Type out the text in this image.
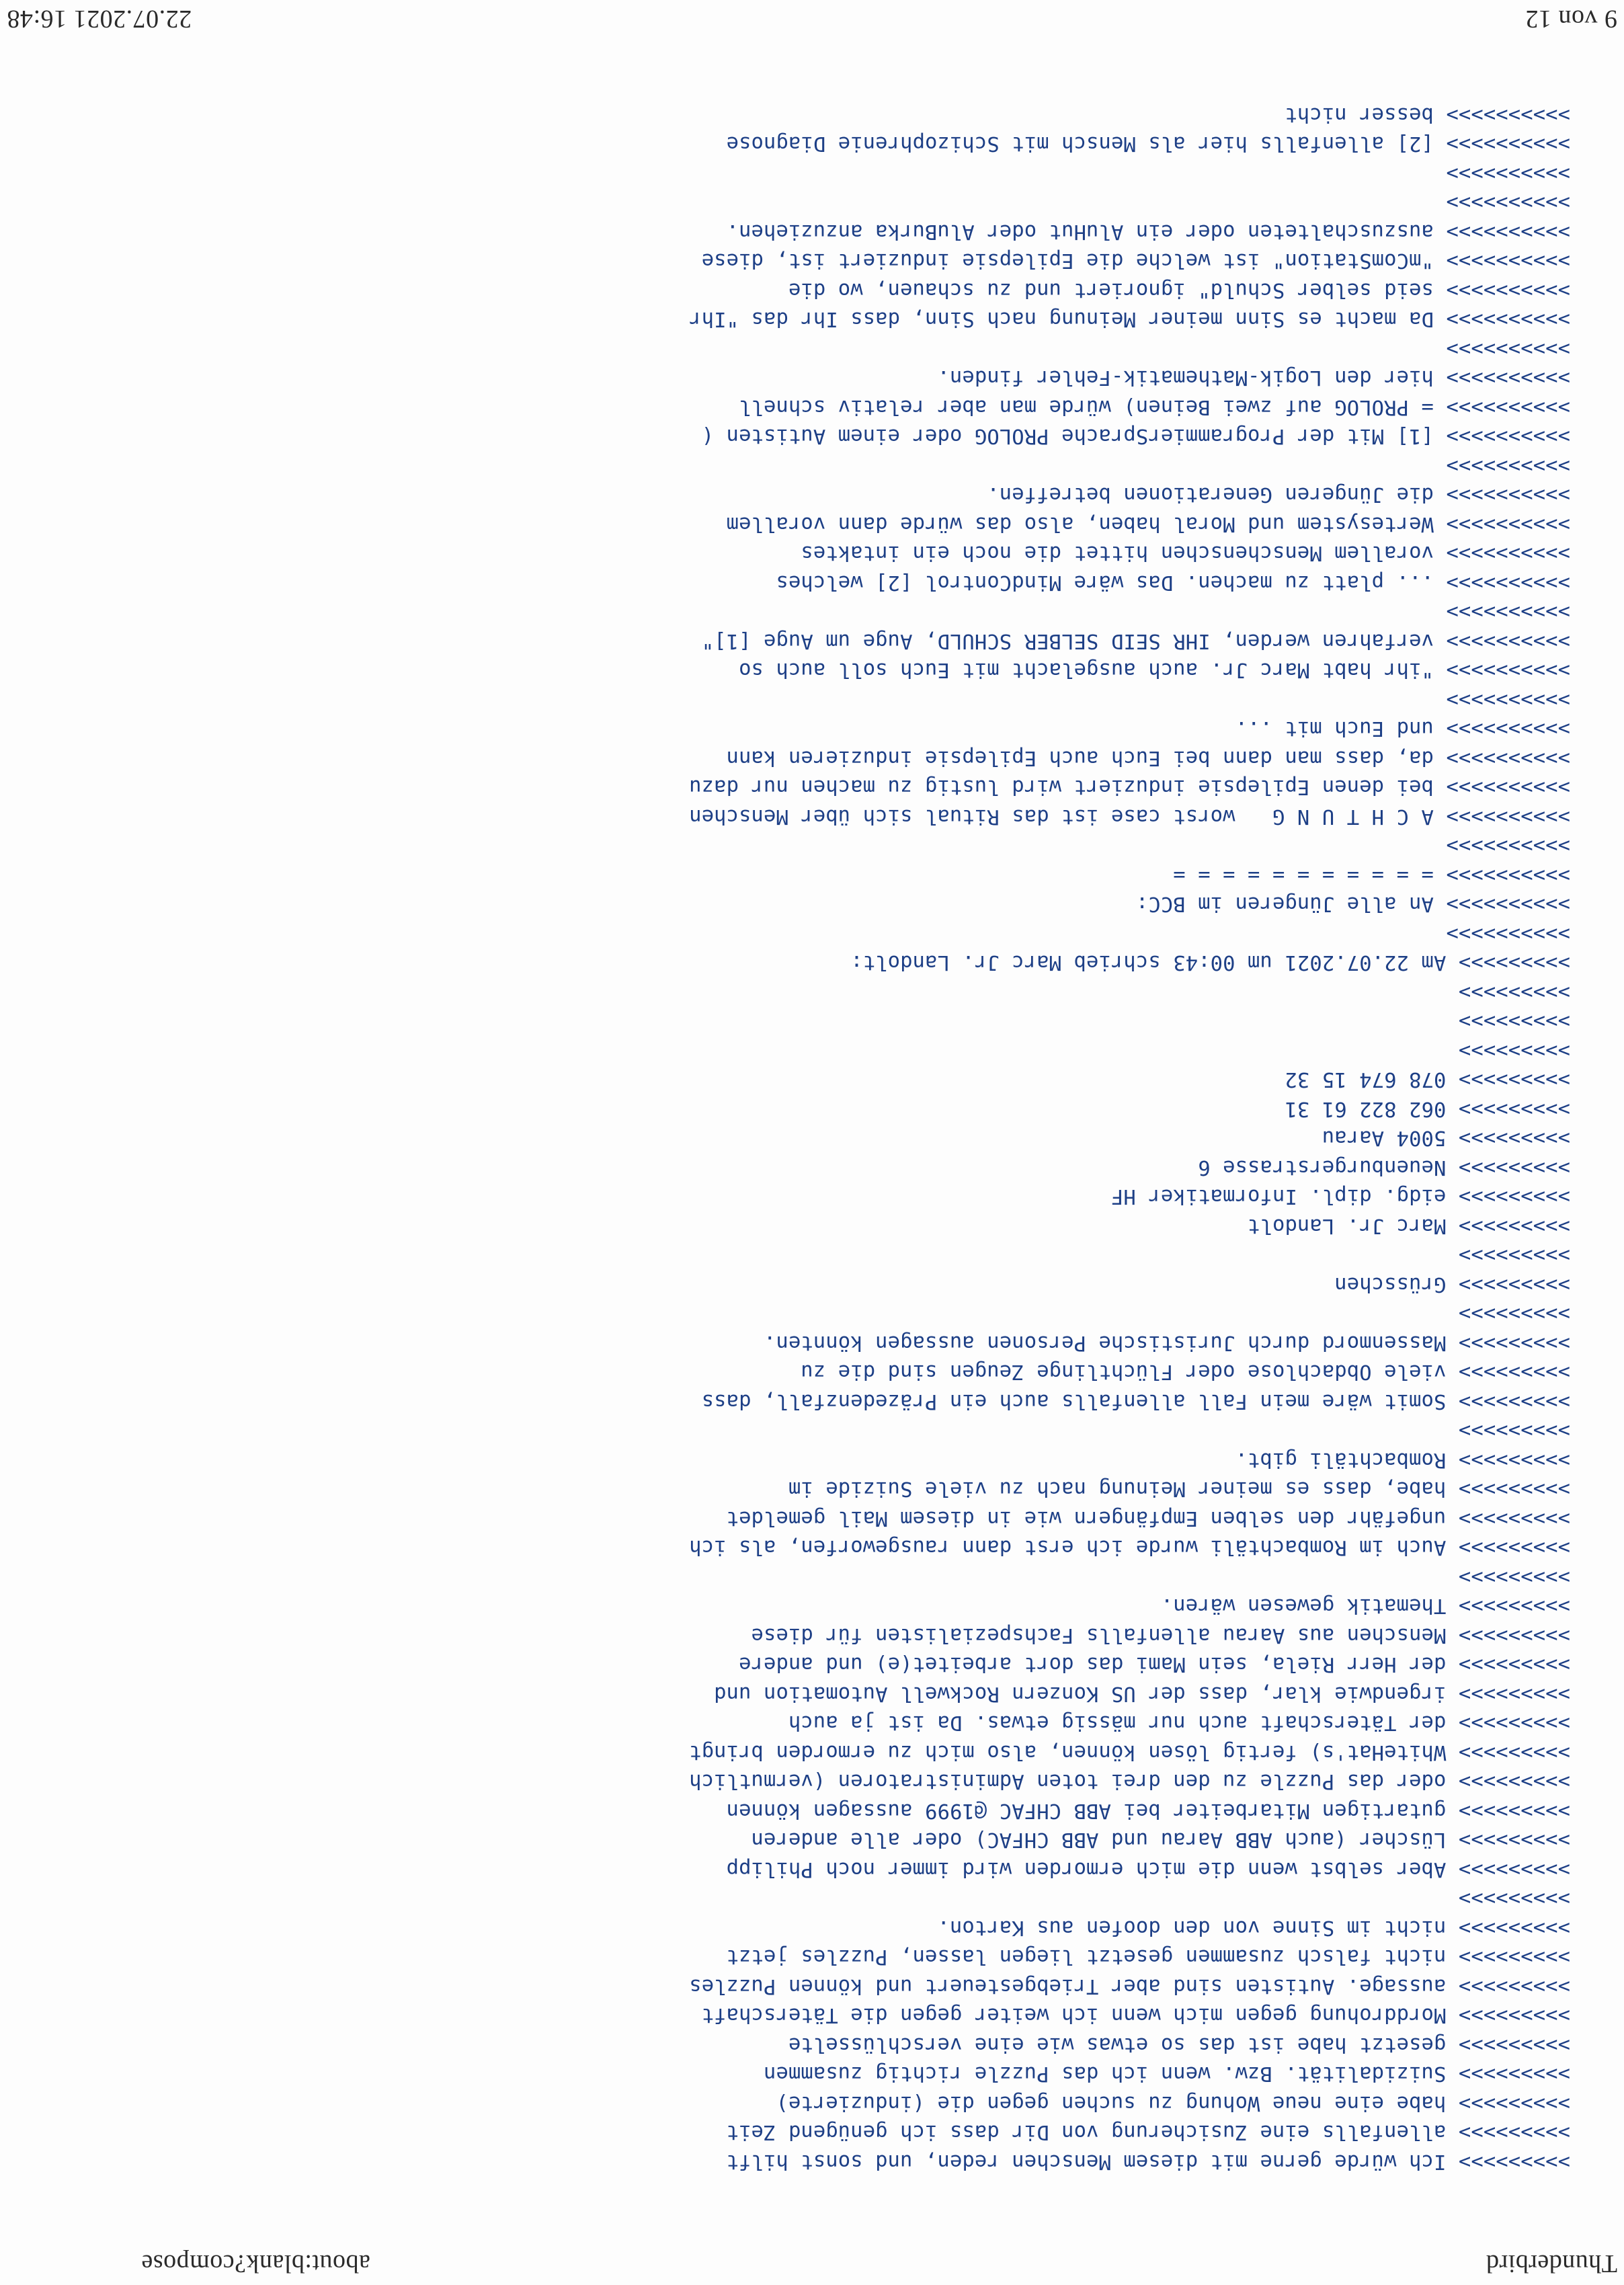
Thunderbird
about:blank?compose
>>>>>>>>> Ich würde gerne mit diesem Menschen reden, und sonst hilft
>>>>>>>>> allenfalls eine Zusicherung von Dir dass ich genügend Zeit
>>>>>>>>> habe eine neue Wohung zu suchen gegen die (induzierte)
>>>>>>>>> Suizidalität. Bzw. wenn ich das Puzzle richtig zusammen
>>>>>>>>> gesetzt habe ist das so etwas wie eine verschlüsselte
>>>>>>>>> Morddrohung gegen mich wenn ich weiter gegen die Täterschaft
>>>>>>>>> aussage. Autisten sind aber Triebgesteuert und können Puzzles
>>>>>>>>> nicht falsch zusammen gesetzt liegen lassen, Puzzles jetzt
>>>>>>>>> nicht im Sinne von den doofen aus Karton.
>>>>>>>>>
>>>>>>>>> Aber selbst wenn die mich ermorden wird immer noch Philipp
>>>>>>>>> Lüscher (auch ABB Aarau und ABB CHFAC) oder alle anderen
>>>>>>>>> gutartigen Mitarbeiter bei ABB CHFAC @1999 aussagen können
>>>>>>>>> oder das Puzzle zu den drei toten Administratoren (vermutlich
>>>>>>>>> WhiteHat's) fertig lösen können, also mich zu ermorden bringt
>>>>>>>>> der Täterschaft auch nur mässig etwas. Da ist ja auch
>>>>>>>>> irgendwie klar, dass der US Konzern Rockwell Automation und
>>>>>>>>> der Herr Riela, sein Mami das dort arbeitet(e) und andere
>>>>>>>>> Menschen aus Aarau allenfalls Fachspezialisten für diese
>>>>>>>>> Thematik gewesen wären.
>>>>>>>>>
>>>>>>>>> Auch im Rombachtäli wurde ich erst dann rausgeworfen, als ich
>>>>>>>>> ungefähr den selben Empfängern wie in diesem Mail gemeldet
>>>>>>>>> habe, dass es meiner Meinung nach zu viele Suizide im
>>>>>>>>> Rombachtäli gibt.
>>>>>>>>>
>>>>>>>>> Somit wäre mein Fall allenfalls auch ein Präzedenzfall, dass
>>>>>>>>> viele Obdachlose oder Flüchtlinge Zeugen sind die zu
>>>>>>>>> Massenmord durch Juristische Personen aussagen könnten.
>>>>>>>>>
>>>>>>>>> Grüsschen
>>>>>>>>>
>>>>>>>>> Marc Jr. Landolt
>>>>>>>>> eidg. dipl. Informatiker HF
>>>>>>>>> Neuenburgerstrasse 6
>>>>>>>>> 5004 Aarau
>>>>>>>>> 062 822 61 31
>>>>>>>>> 078 674 15 32
>>>>>>>>>
>>>>>>>>>
>>>>>>>>>
>>>>>>>>> Am 22.07.2021 um 00:43 schrieb Marc Jr. Landolt:
>>>>>>>>>>
>>>>>>>>>> An alle Jüngeren im BCC:
>>>>>>>>>> = = = = = = = = = = =
>>>>>>>>>>
>>>>>>>>>> A C H T U N G   worst case ist das Ritual sich über Menschen
>>>>>>>>>> bei denen Epilepsie induziert wird lustig zu machen nur dazu
>>>>>>>>>> da, dass man dann bei Euch auch Epilepsie induzieren kann
>>>>>>>>>> und Euch mit ...
>>>>>>>>>>
>>>>>>>>>> "ihr habt Marc Jr. auch ausgelacht mit Euch soll auch so
>>>>>>>>>> verfahren werden, IHR SEID SELBER SCHULD, Auge um Auge [1]"
>>>>>>>>>>
>>>>>>>>>> ... platt zu machen. Das wäre MindControl [2] welches
>>>>>>>>>> vorallem Menschenschen hittet die noch ein intaktes
>>>>>>>>>> Wertesystem und Moral haben, also das würde dann vorallem
>>>>>>>>>> die Jüngeren Generationen betreffen.
>>>>>>>>>>
>>>>>>>>>> [1] Mit der ProgrammierSprache PROLOG oder einem Autisten (
>>>>>>>>>> = PROLOG auf zwei Beinen) würde man aber relativ schnell
>>>>>>>>>> hier den Logik-Mathematik-Fehler finden.
>>>>>>>>>>
>>>>>>>>>> Da macht es Sinn meiner Meinung nach Sinn, dass Ihr das "Ihr
>>>>>>>>>> seid selber Schuld" ignoriert und zu schauen, wo die
>>>>>>>>>> "mComStation" ist welche die Epilepsie induziert ist, diese
>>>>>>>>>> auszuschalteten oder ein AluHut oder AluBurka anzuziehen.
>>>>>>>>>>
>>>>>>>>>>
>>>>>>>>>> [2] allenfalls hier als Mensch mit Schizophrenie Diagnose
>>>>>>>>>> besser nicht
9 von 12
22.07.2021 16:48
